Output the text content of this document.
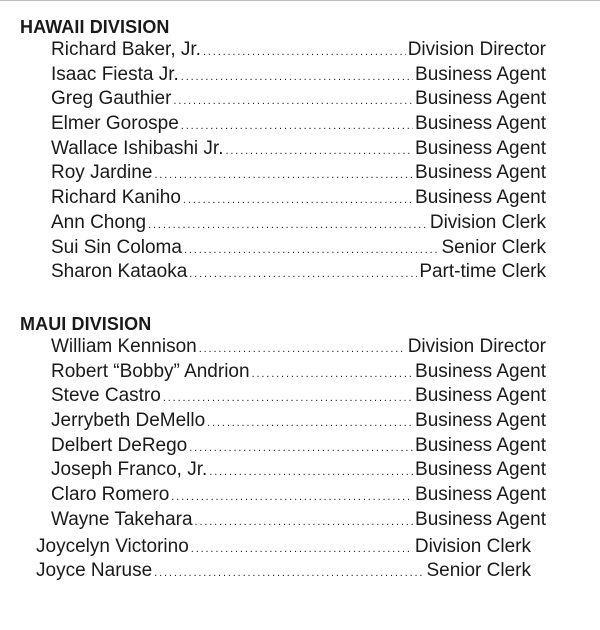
HAWAII DIVISION
Richard Baker, Jr. . . .	Division Director
Isaac Fiesta Jr. . . .	Business Agent
Greg Gauthier . . .	Business Agent
Elmer Gorospe . . .	Business Agent
Wallace Ishibashi Jr. . . .	Business Agent
Roy Jardine . . .	Business Agent
Richard Kaniho . . .	Business Agent
Ann Chong . . .	Division Clerk
Sui Sin Coloma . . .	Senior Clerk
Sharon Kataoka . . .	Part-time Clerk
MAUI DIVISION
William Kennison . . .	Division Director
Robert “Bobby” Andrion . . .	Business Agent
Steve Castro . . .	Business Agent
Jerrybeth DeMello . . .	Business Agent
Delbert DeRego . . .	Business Agent
Joseph Franco, Jr. . . .	Business Agent
Claro Romero . . .	Business Agent
Wayne Takehara . . .	Business Agent
Joycelyn Victorino . . .	Division Clerk
Joyce Naruse . . .	Senior Clerk
